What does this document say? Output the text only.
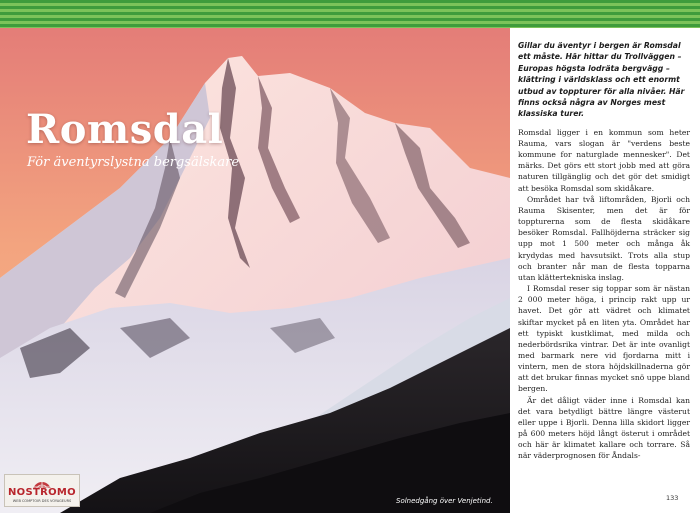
Romsdal

För äventyrslystna bergsälskare

Solnedgång över Venjetind.

NOSTROMO
WEB COMPTOIR DES VOYAGEURS

Gillar du äventyr i bergen är Romsdal ett måste. Här hittar du Trollväggen – Europas högsta lodräta bergvägg – klättring i världsklass och ett enormt utbud av toppturer för alla nivåer. Här finns också några av Norges mest klassiska turer.

Romsdal ligger i en kommun som heter Rauma, vars slogan är "verdens beste kommune for naturglade mennesker". Det märks. Det görs ett stort jobb med att göra naturen tillgänglig och det gör det smidigt att besöka Romsdal som skidåkare.

Området har två liftområden, Bjorli och Rauma Skisenter, men det är för toppturerna som de flesta skidåkare besöker Romsdal. Fallhöjderna sträcker sig upp mot 1 500 meter och många åk krydydas med havsutsikt. Trots alla stup och branter når man de flesta topparna utan klättertekniska inslag.

I Romsdal reser sig toppar som är nästan 2 000 meter höga, i princip rakt upp ur havet. Det gör att vädret och klimatet skiftar mycket på en liten yta. Området har ett typiskt kustklimat, med milda och nederbördsrika vintrar. Det är inte ovanligt med barmark nere vid fjordarna mitt i vintern, men de stora höjdskillnaderna gör att det brukar finnas mycket snö uppe bland bergen.

Är det dåligt väder inne i Romsdal kan det vara betydligt bättre längre västerut eller uppe i Bjorli. Denna lilla skidort ligger på 600 meters höjd långt österut i området och här är klimatet kallare och torrare. Så när väderprognosen för Åndals-

133
